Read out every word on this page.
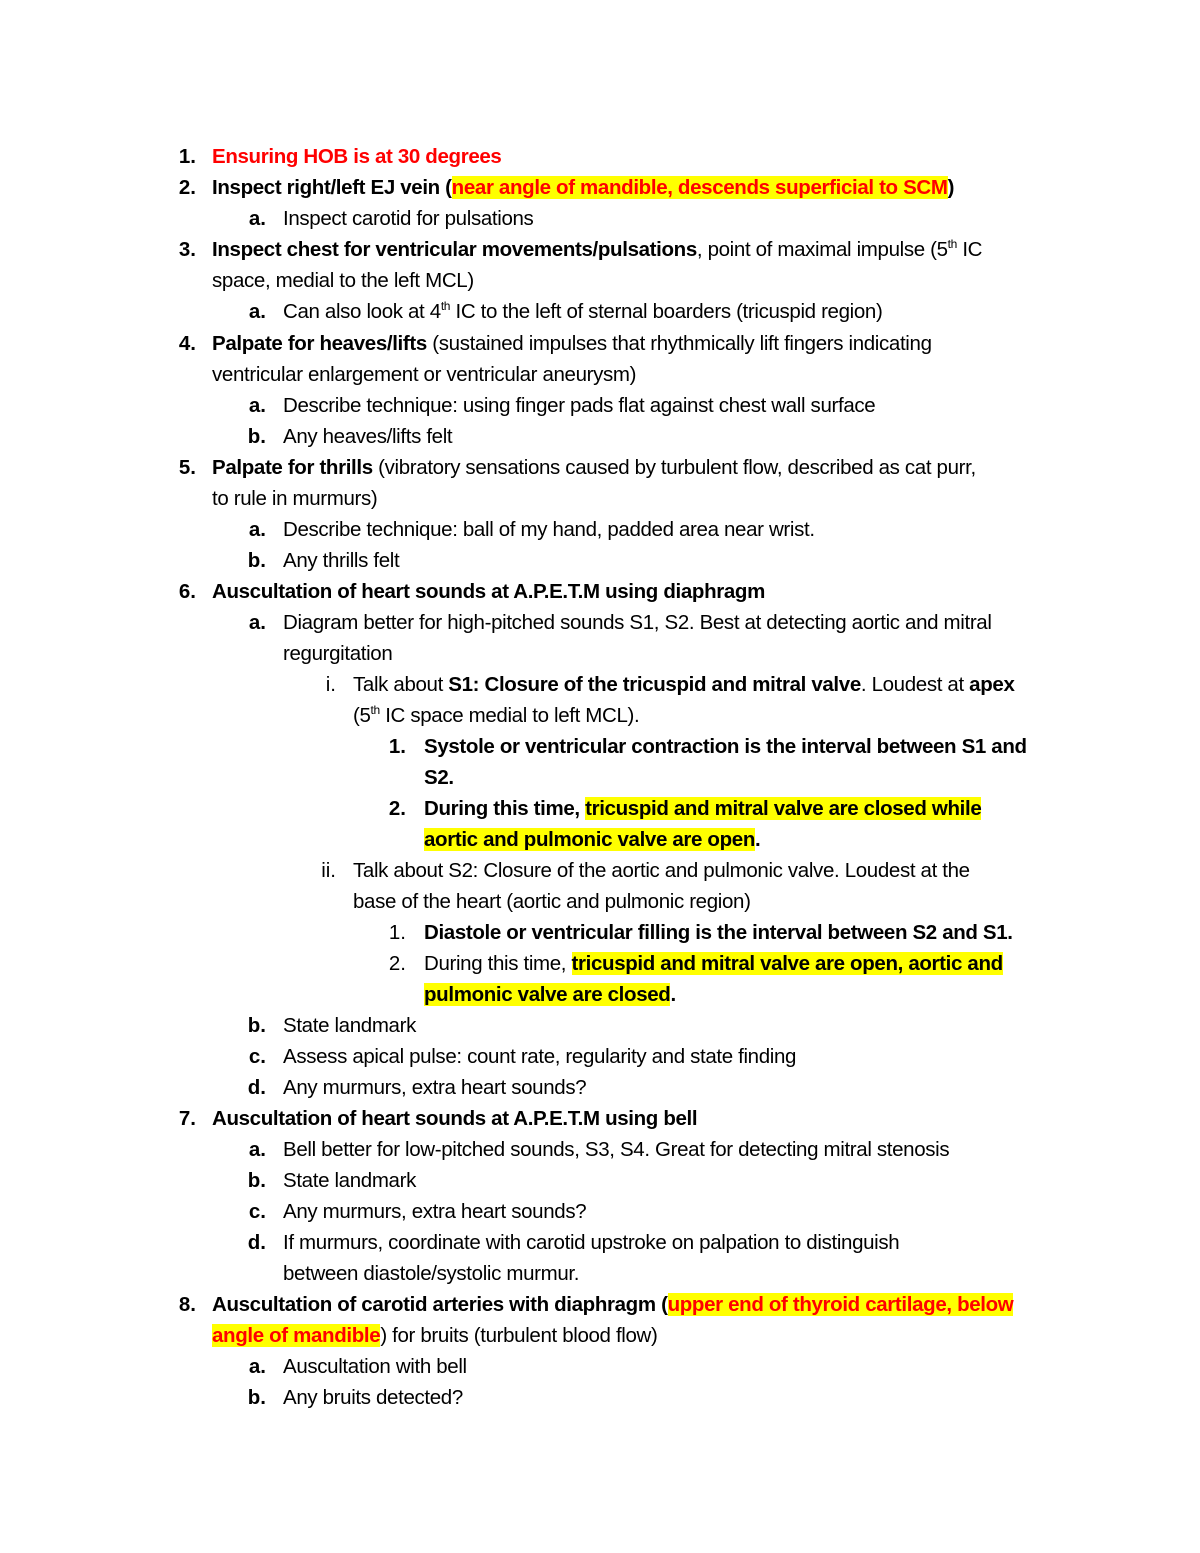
1. Ensuring HOB is at 30 degrees
2. Inspect right/left EJ vein (near angle of mandible, descends superficial to SCM)
a. Inspect carotid for pulsations
3. Inspect chest for ventricular movements/pulsations, point of maximal impulse (5th IC
space, medial to the left MCL)
a. Can also look at 4th IC to the left of sternal boarders (tricuspid region)
4. Palpate for heaves/lifts (sustained impulses that rhythmically lift fingers indicating
ventricular enlargement or ventricular aneurysm)
a. Describe technique: using finger pads flat against chest wall surface
b. Any heaves/lifts felt
5. Palpate for thrills (vibratory sensations caused by turbulent flow, described as cat purr,
to rule in murmurs)
a. Describe technique: ball of my hand, padded area near wrist.
b. Any thrills felt
6. Auscultation of heart sounds at A.P.E.T.M using diaphragm
a. Diagram better for high-pitched sounds S1, S2. Best at detecting aortic and mitral
regurgitation
i. Talk about S1: Closure of the tricuspid and mitral valve. Loudest at apex
(5th IC space medial to left MCL).
1. Systole or ventricular contraction is the interval between S1 and
S2.
2. During this time, tricuspid and mitral valve are closed while
aortic and pulmonic valve are open.
ii. Talk about S2: Closure of the aortic and pulmonic valve. Loudest at the
base of the heart (aortic and pulmonic region)
1. Diastole or ventricular filling is the interval between S2 and S1.
2. During this time, tricuspid and mitral valve are open, aortic and
pulmonic valve are closed.
b. State landmark
c. Assess apical pulse: count rate, regularity and state finding
d. Any murmurs, extra heart sounds?
7. Auscultation of heart sounds at A.P.E.T.M using bell
a. Bell better for low-pitched sounds, S3, S4. Great for detecting mitral stenosis
b. State landmark
c. Any murmurs, extra heart sounds?
d. If murmurs, coordinate with carotid upstroke on palpation to distinguish
between diastole/systolic murmur.
8. Auscultation of carotid arteries with diaphragm (upper end of thyroid cartilage, below
angle of mandible) for bruits (turbulent blood flow)
a. Auscultation with bell
b. Any bruits detected?
